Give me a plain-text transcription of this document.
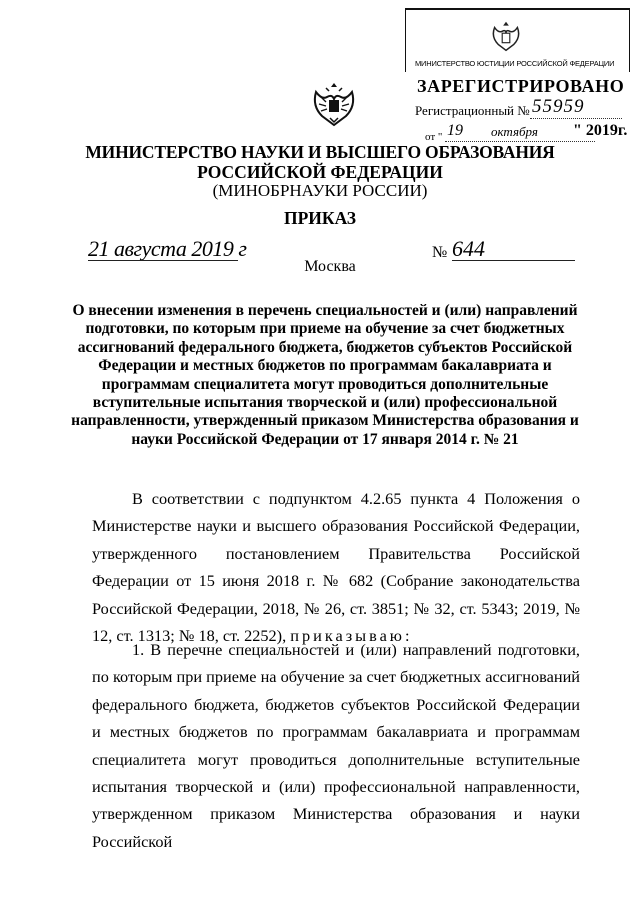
МИНИСТЕРСТВО ЮСТИЦИИ РОССИЙСКОЙ ФЕДЕРАЦИИ
ЗАРЕГИСТРИРОВАНО
Регистрационный № 55959
от " 19 октября " 2019г.
МИНИСТЕРСТВО НАУКИ И ВЫСШЕГО ОБРАЗОВАНИЯ
РОССИЙСКОЙ ФЕДЕРАЦИИ
(МИНОБРНАУКИ РОССИИ)
ПРИКАЗ
21 августа 2019 г	№ 644
Москва
О внесении изменения в перечень специальностей и (или) направлений подготовки, по которым при приеме на обучение за счет бюджетных ассигнований федерального бюджета, бюджетов субъектов Российской Федерации и местных бюджетов по программам бакалавриата и программам специалитета могут проводиться дополнительные вступительные испытания творческой и (или) профессиональной направленности, утвержденный приказом Министерства образования и науки Российской Федерации от 17 января 2014 г. № 21
В соответствии с подпунктом 4.2.65 пункта 4 Положения о Министерстве науки и высшего образования Российской Федерации, утвержденного постановлением Правительства Российской Федерации от 15 июня 2018 г. № 682 (Собрание законодательства Российской Федерации, 2018, № 26, ст. 3851; № 32, ст. 5343; 2019, № 12, ст. 1313; № 18, ст. 2252), приказываю:
1. В перечне специальностей и (или) направлений подготовки, по которым при приеме на обучение за счет бюджетных ассигнований федерального бюджета, бюджетов субъектов Российской Федерации и местных бюджетов по программам бакалавриата и программам специалитета могут проводиться дополнительные вступительные испытания творческой и (или) профессиональной направленности, утвержденном приказом Министерства образования и науки Российской
